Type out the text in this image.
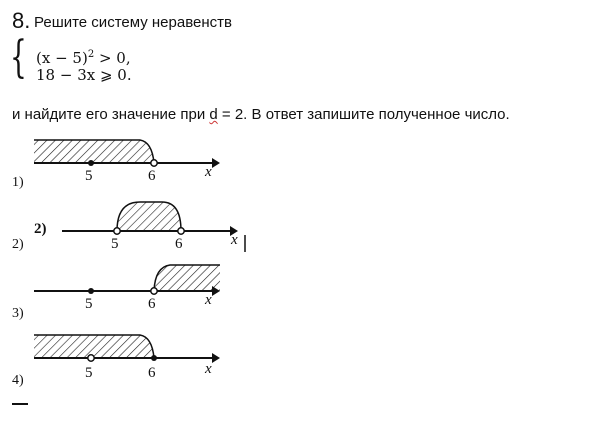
8. Решите систему неравенств
{ $(x - 5)^2 > 0$,
18 − 3x ⩾ 0.
и найдите его значение при d = 2. В ответ запишите полученное число.
1)	5	6	x
2)
2)
5	6	x
3)
5	6	x
4)	5	6	x
